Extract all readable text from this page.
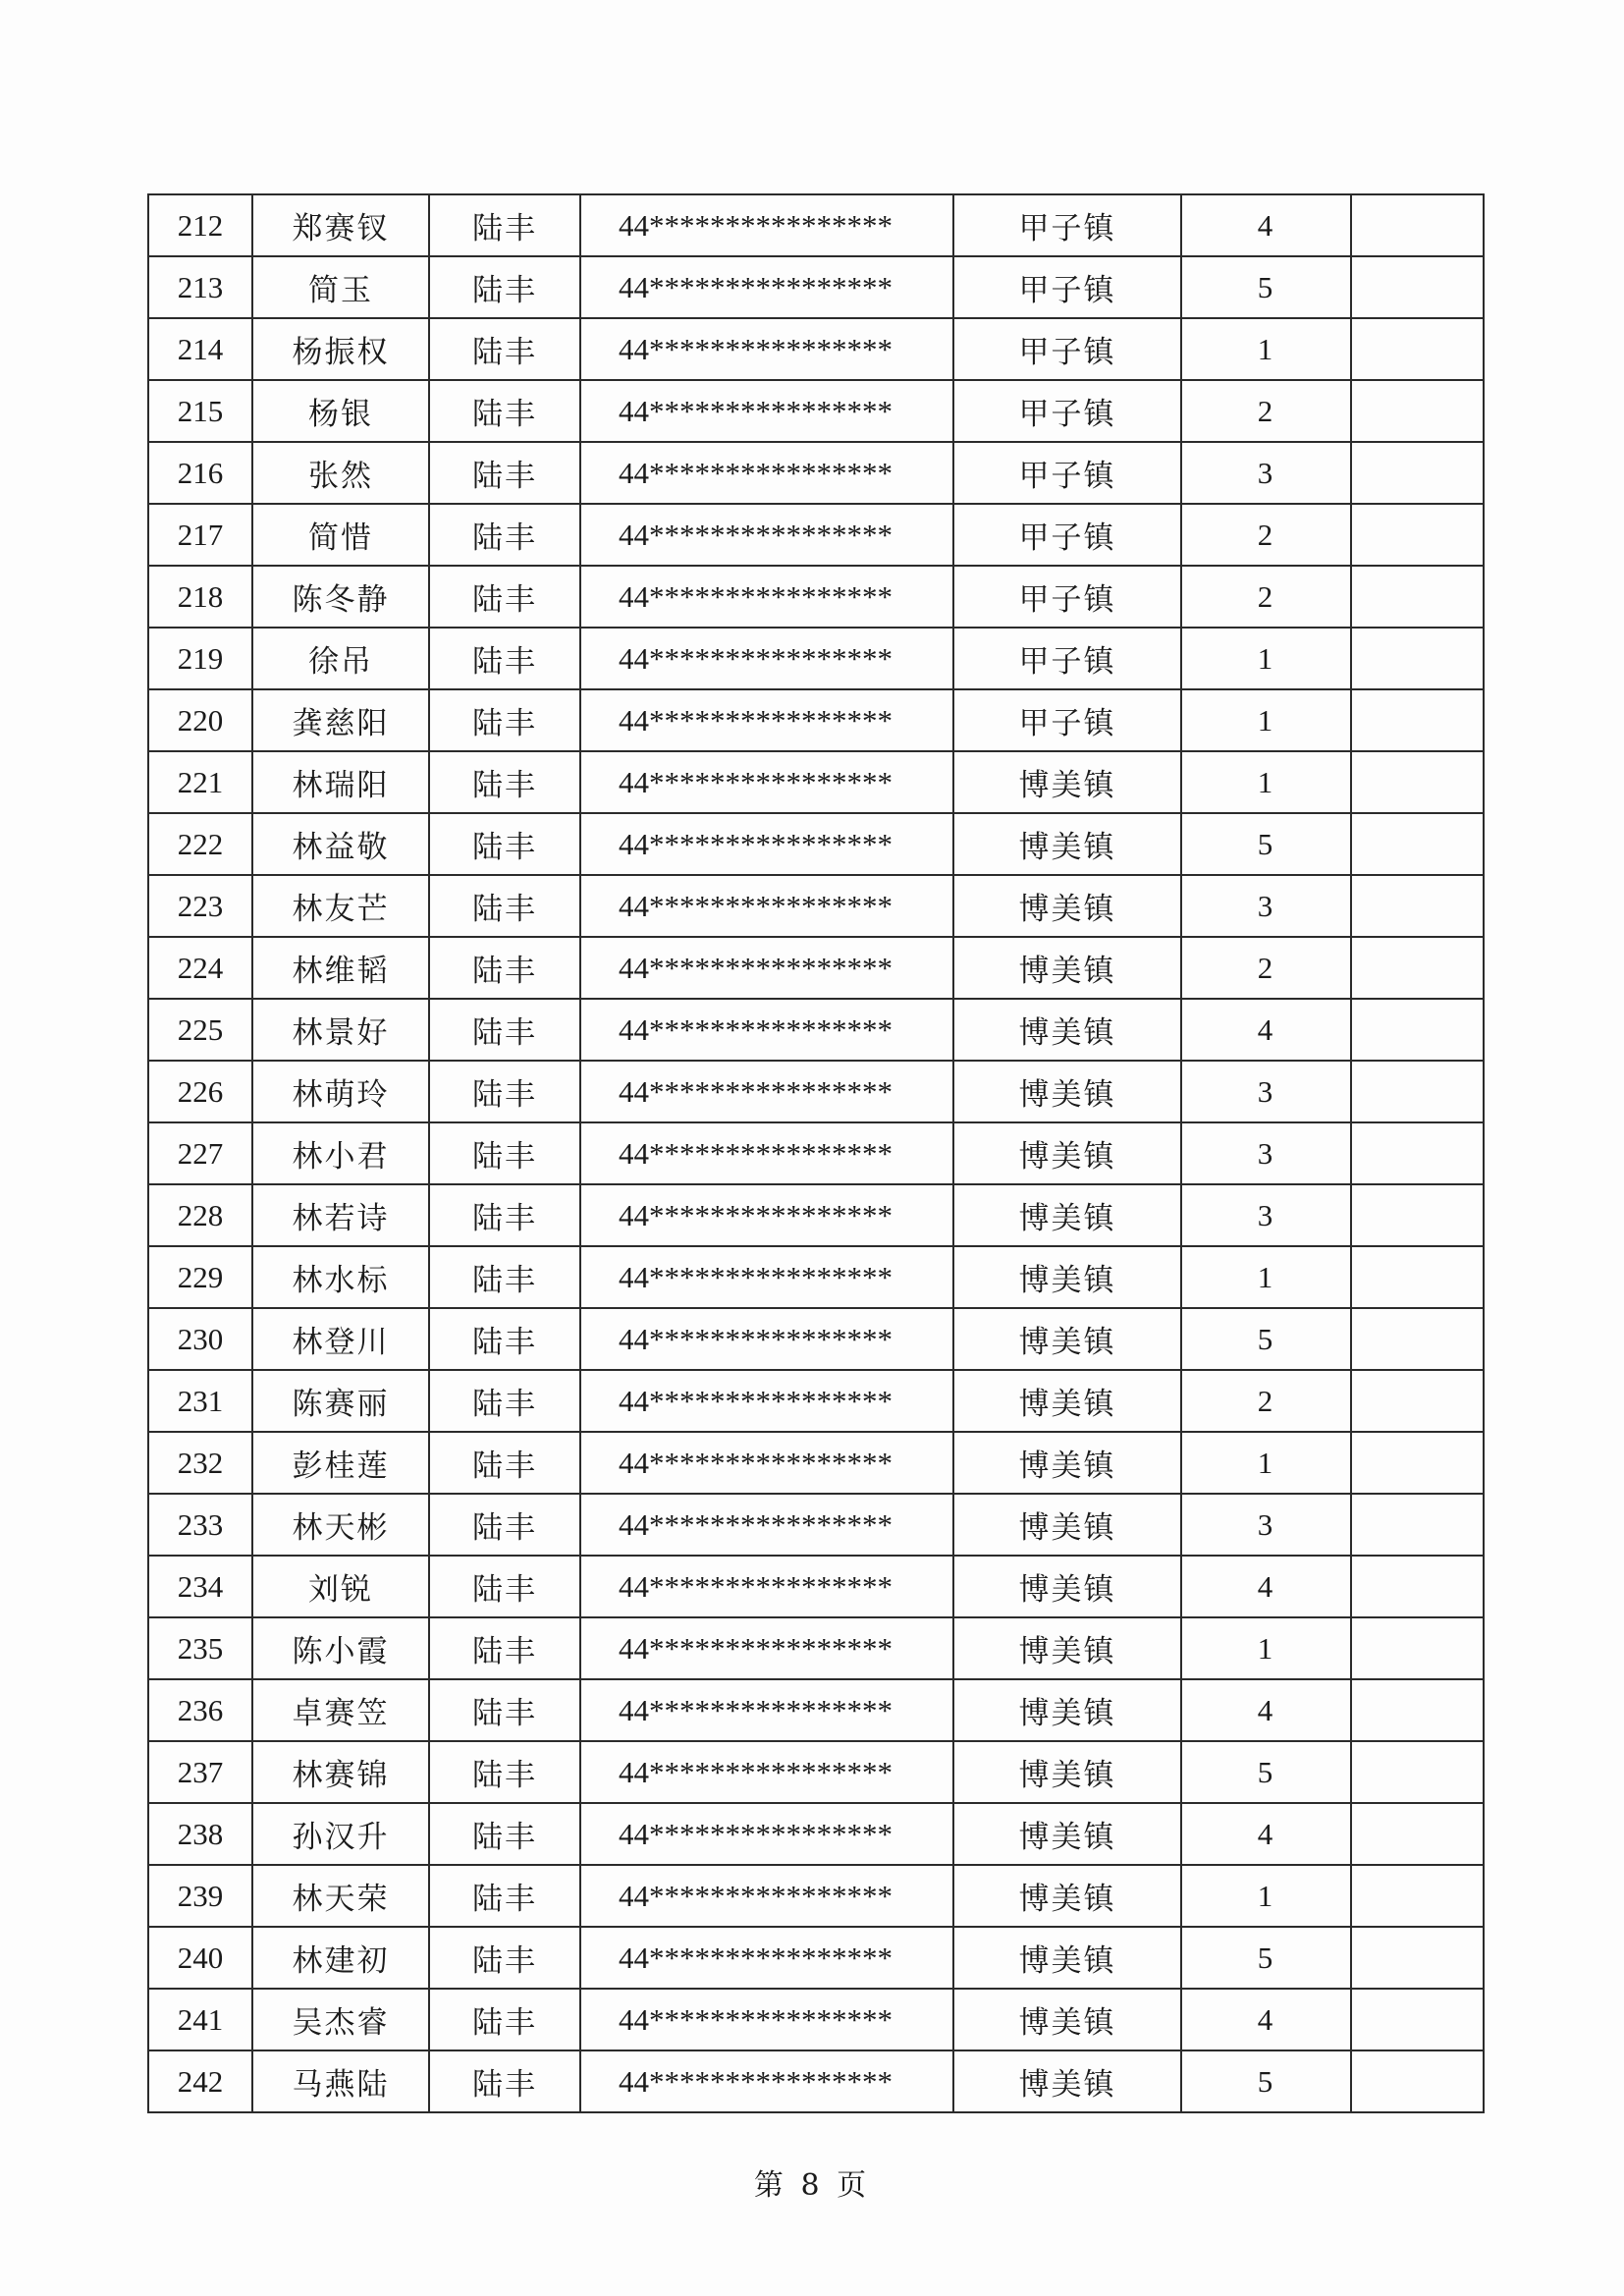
212	郑赛钗	陆丰	44****************	甲子镇	4	
213	简玉	陆丰	44****************	甲子镇	5	
214	杨振权	陆丰	44****************	甲子镇	1	
215	杨银	陆丰	44****************	甲子镇	2	
216	张然	陆丰	44****************	甲子镇	3	
217	简惜	陆丰	44****************	甲子镇	2	
218	陈冬静	陆丰	44****************	甲子镇	2	
219	徐吊	陆丰	44****************	甲子镇	1	
220	龚慈阳	陆丰	44****************	甲子镇	1	
221	林瑞阳	陆丰	44****************	博美镇	1	
222	林益敬	陆丰	44****************	博美镇	5	
223	林友芒	陆丰	44****************	博美镇	3	
224	林维韬	陆丰	44****************	博美镇	2	
225	林景好	陆丰	44****************	博美镇	4	
226	林萌玲	陆丰	44****************	博美镇	3	
227	林小君	陆丰	44****************	博美镇	3	
228	林若诗	陆丰	44****************	博美镇	3	
229	林水标	陆丰	44****************	博美镇	1	
230	林登川	陆丰	44****************	博美镇	5	
231	陈赛丽	陆丰	44****************	博美镇	2	
232	彭桂莲	陆丰	44****************	博美镇	1	
233	林天彬	陆丰	44****************	博美镇	3	
234	刘锐	陆丰	44****************	博美镇	4	
235	陈小霞	陆丰	44****************	博美镇	1	
236	卓赛笠	陆丰	44****************	博美镇	4	
237	林赛锦	陆丰	44****************	博美镇	5	
238	孙汉升	陆丰	44****************	博美镇	4	
239	林天荣	陆丰	44****************	博美镇	1	
240	林建初	陆丰	44****************	博美镇	5	
241	吴杰睿	陆丰	44****************	博美镇	4	
242	马燕陆	陆丰	44****************	博美镇	5	
第 8 页
